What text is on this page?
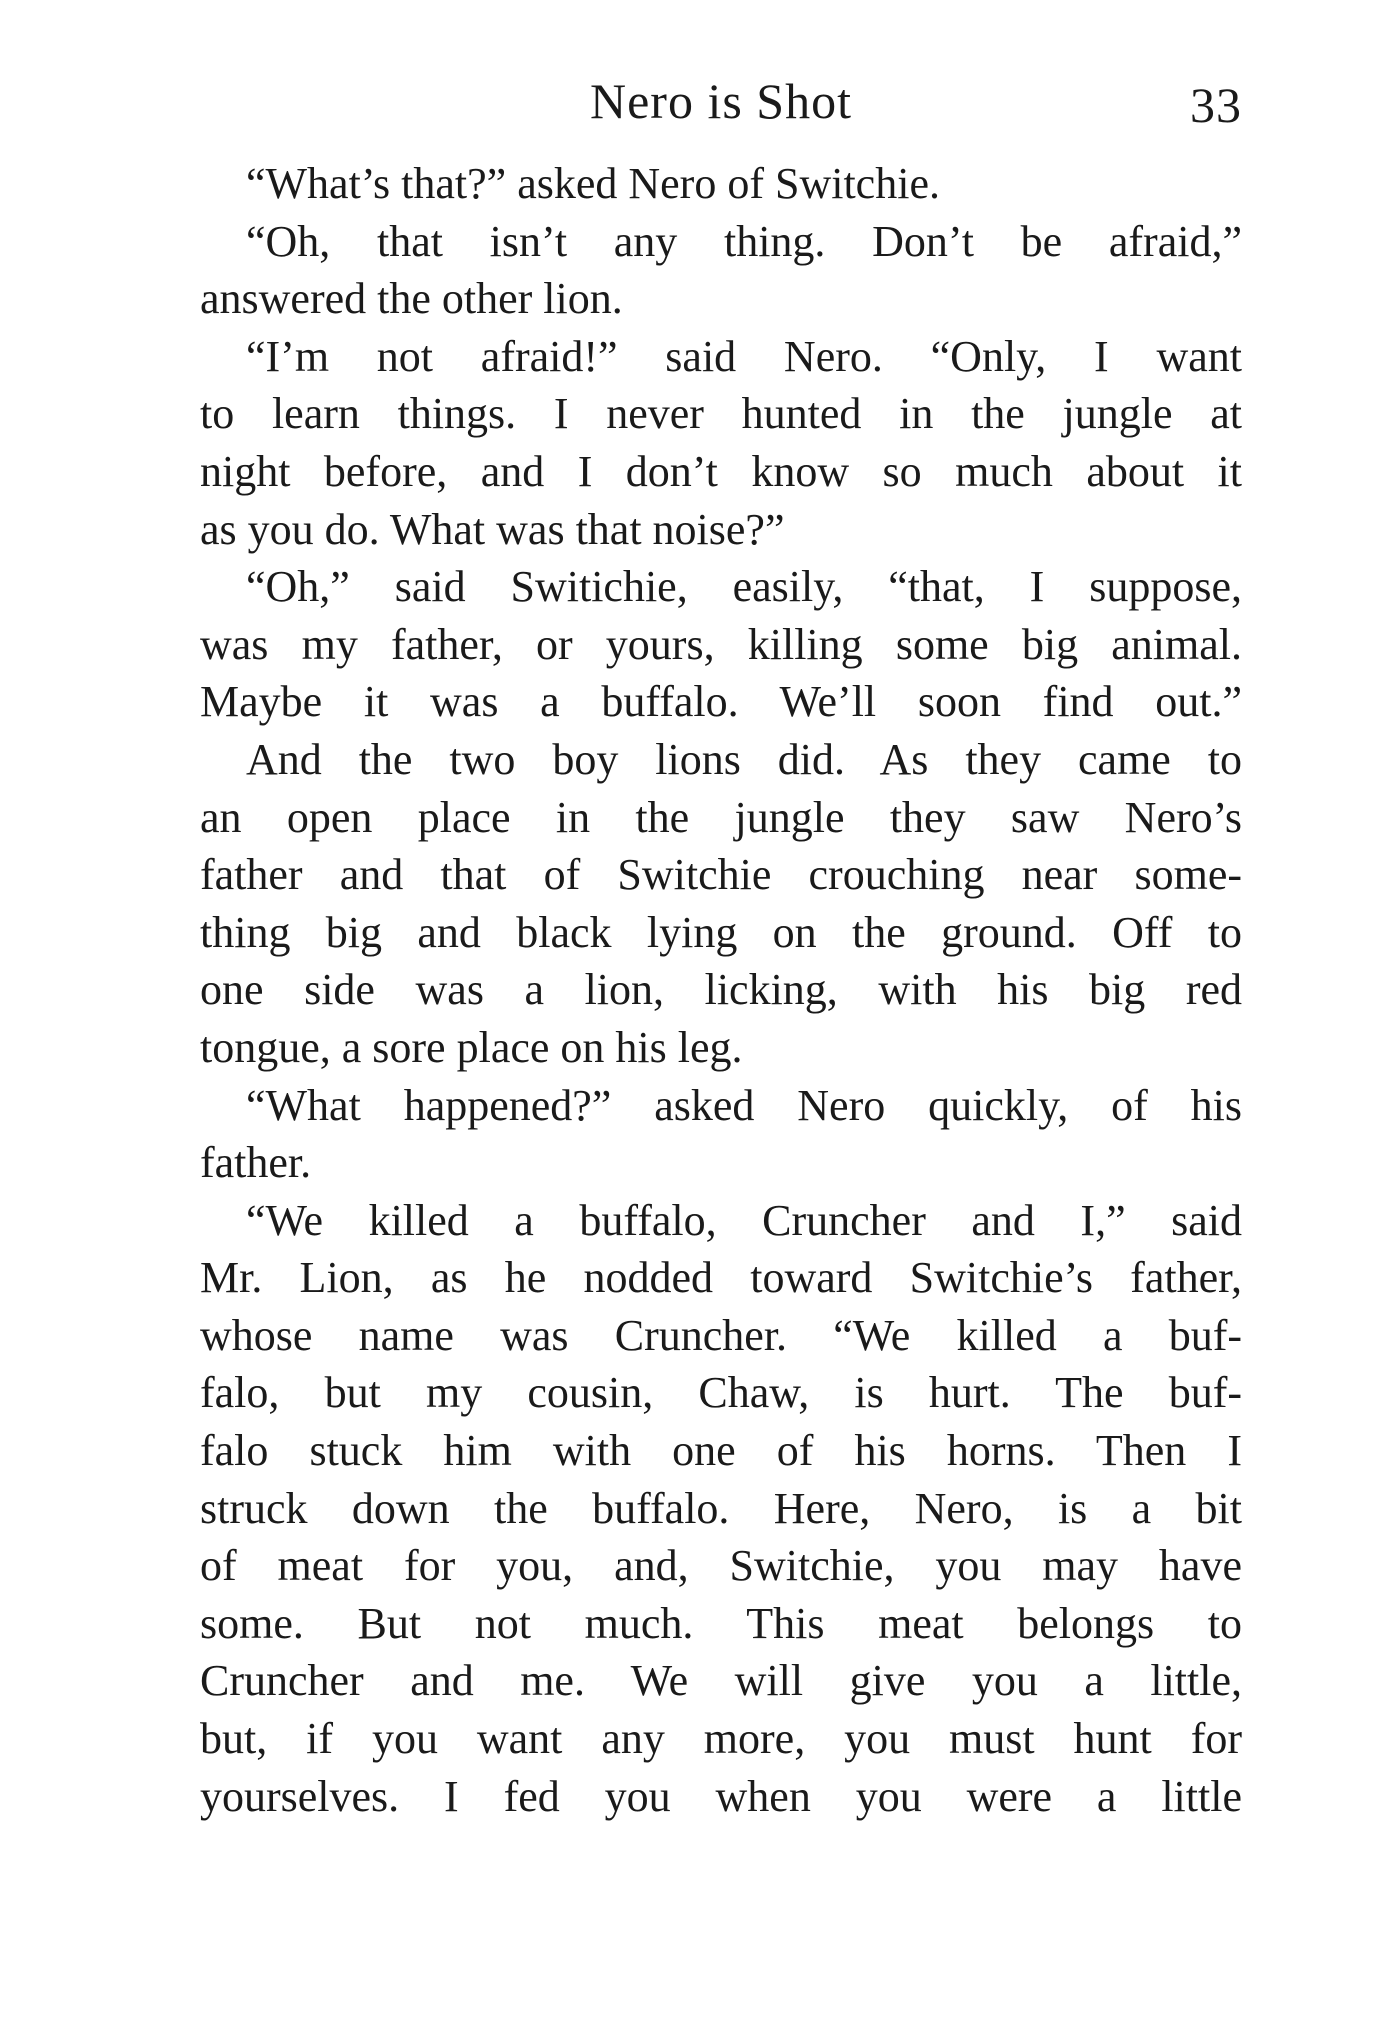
Nero is Shot	33
“What’s that?” asked Nero of Switchie.
“Oh, that isn’t any thing. Don’t be afraid,”
answered the other lion.
“I’m not afraid!” said Nero. “Only, I want
to learn things. I never hunted in the jungle at
night before, and I don’t know so much about it
as you do. What was that noise?”
“Oh,” said Switichie, easily, “that, I suppose,
was my father, or yours, killing some big animal.
Maybe it was a buffalo. We’ll soon find out.”
And the two boy lions did. As they came to
an open place in the jungle they saw Nero’s
father and that of Switchie crouching near some-
thing big and black lying on the ground. Off to
one side was a lion, licking, with his big red
tongue, a sore place on his leg.
“What happened?” asked Nero quickly, of his
father.
“We killed a buffalo, Cruncher and I,” said
Mr. Lion, as he nodded toward Switchie’s father,
whose name was Cruncher. “We killed a buf-
falo, but my cousin, Chaw, is hurt. The buf-
falo stuck him with one of his horns. Then I
struck down the buffalo. Here, Nero, is a bit
of meat for you, and, Switchie, you may have
some. But not much. This meat belongs to
Cruncher and me. We will give you a little,
but, if you want any more, you must hunt for
yourselves. I fed you when you were a little
